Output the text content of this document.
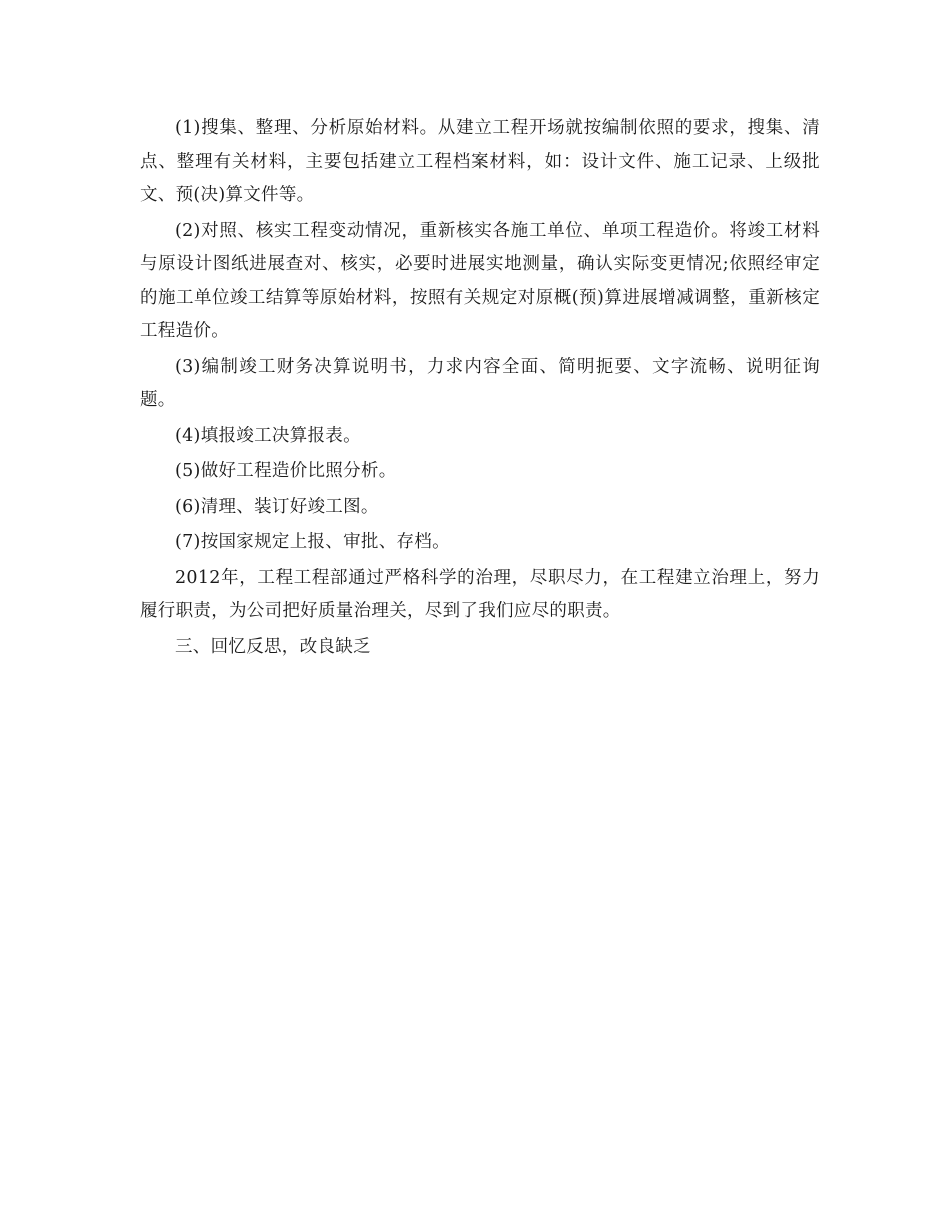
(1)搜集、整理、分析原始材料。从建立工程开场就按编制依照的要求，搜集、清点、整理有关材料，主要包括建立工程档案材料，如：设计文件、施工记录、上级批文、预(决)算文件等。

(2)对照、核实工程变动情况，重新核实各施工单位、单项工程造价。将竣工材料与原设计图纸进展查对、核实，必要时进展实地测量，确认实际变更情况;依照经审定的施工单位竣工结算等原始材料，按照有关规定对原概(预)算进展增减调整，重新核定工程造价。

(3)编制竣工财务决算说明书，力求内容全面、简明扼要、文字流畅、说明征询题。

(4)填报竣工决算报表。

(5)做好工程造价比照分析。

(6)清理、装订好竣工图。

(7)按国家规定上报、审批、存档。

2012年，工程工程部通过严格科学的治理，尽职尽力，在工程建立治理上，努力履行职责，为公司把好质量治理关，尽到了我们应尽的职责。

三、回忆反思，改良缺乏
